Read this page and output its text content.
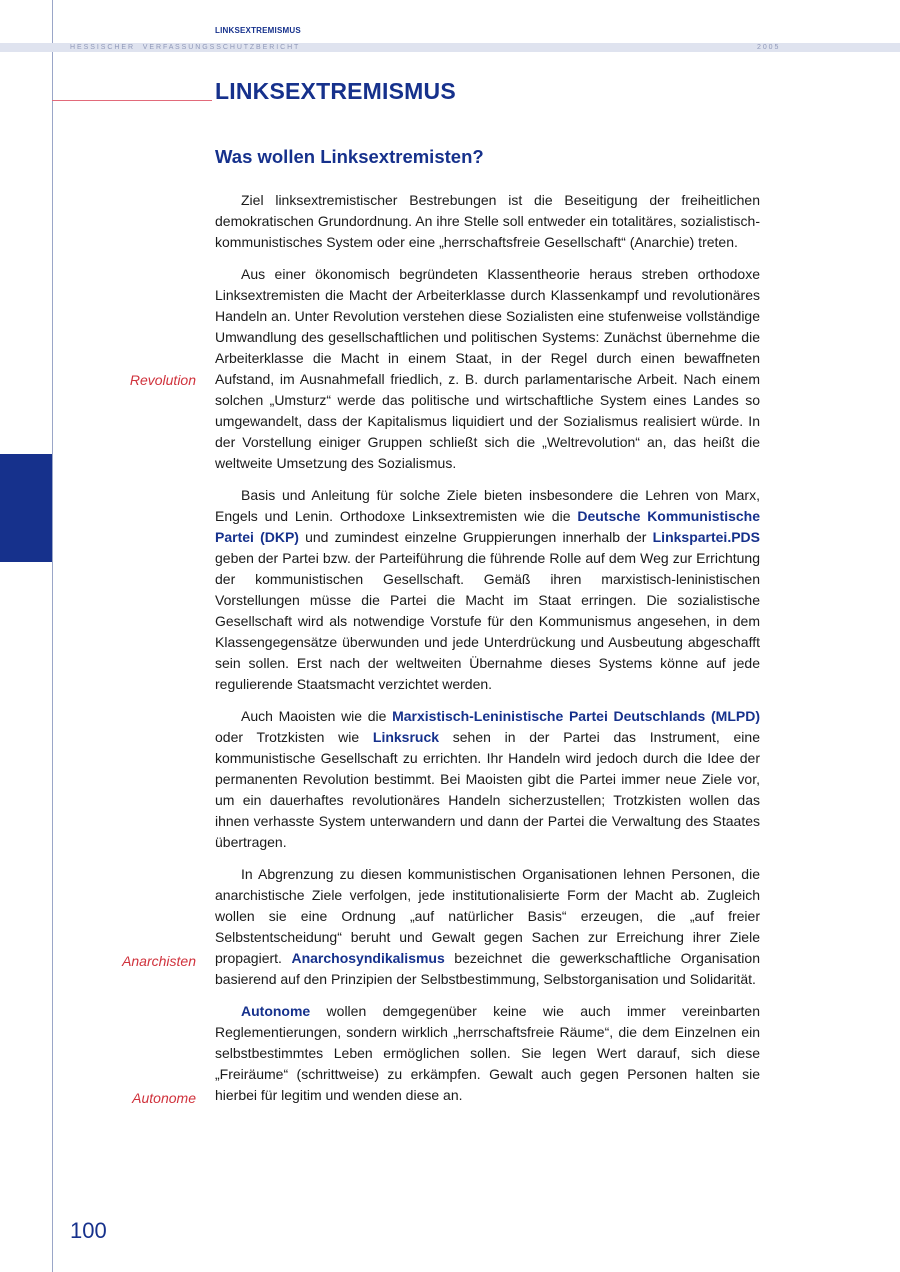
LINKSEXTREMISMUS
H E S S I S C H E R     V E R F A S S U N G S S C H U T Z B E R I C H T	2 0 0 5
LINKSEXTREMISMUS
Was wollen Linksextremisten?
Revolution
Anarchisten
Autonome

Ziel linksextremistischer Bestrebungen ist die Beseitigung der freiheitlichen demokratischen Grundordnung. An ihre Stelle soll entweder ein totalitäres, sozialistisch-kommunistisches System oder eine „herrschaftsfreie Gesellschaft“ (Anarchie) treten.

Aus einer ökonomisch begründeten Klassentheorie heraus streben orthodoxe Linksextremisten die Macht der Arbeiterklasse durch Klassenkampf und revolutionäres Handeln an. Unter Revolution verstehen diese Sozialisten eine stufenweise vollständige Umwandlung des gesellschaftlichen und politischen Systems: Zunächst übernehme die Arbeiterklasse die Macht in einem Staat, in der Regel durch einen bewaffneten Aufstand, im Ausnahmefall friedlich, z. B. durch parlamentarische Arbeit. Nach einem solchen „Umsturz“ werde das politische und wirtschaftliche System eines Landes so umgewandelt, dass der Kapitalismus liquidiert und der Sozialismus realisiert würde. In der Vorstellung einiger Gruppen schließt sich die „Weltrevolution“ an, das heißt die weltweite Umsetzung des Sozialismus.

Basis und Anleitung für solche Ziele bieten insbesondere die Lehren von Marx, Engels und Lenin. Orthodoxe Linksextremisten wie die Deutsche Kommunistische Partei (DKP) und zumindest einzelne Gruppierungen innerhalb der Linkspartei.PDS geben der Partei bzw. der Parteiführung die führende Rolle auf dem Weg zur Errichtung der kommunistischen Gesellschaft. Gemäß ihren marxistisch-leninistischen Vorstellungen müsse die Partei die Macht im Staat erringen. Die sozialistische Gesellschaft wird als notwendige Vorstufe für den Kommunismus angesehen, in dem Klassengegensätze überwunden und jede Unterdrückung und Ausbeutung abgeschafft sein sollen. Erst nach der weltweiten Übernahme dieses Systems könne auf jede regulierende Staatsmacht verzichtet werden.

Auch Maoisten wie die Marxistisch-Leninistische Partei Deutschlands (MLPD) oder Trotzkisten wie Linksruck sehen in der Partei das Instrument, eine kommunistische Gesellschaft zu errichten. Ihr Handeln wird jedoch durch die Idee der permanenten Revolution bestimmt. Bei Maoisten gibt die Partei immer neue Ziele vor, um ein dauerhaftes revolutionäres Handeln sicherzustellen; Trotzkisten wollen das ihnen verhasste System unterwandern und dann der Partei die Verwaltung des Staates übertragen.

In Abgrenzung zu diesen kommunistischen Organisationen lehnen Personen, die anarchistische Ziele verfolgen, jede institutionalisierte Form der Macht ab. Zugleich wollen sie eine Ordnung „auf natürlicher Basis“ erzeugen, die „auf freier Selbstentscheidung“ beruht und Gewalt gegen Sachen zur Erreichung ihrer Ziele propagiert. Anarchosyndikalismus bezeichnet die gewerkschaftliche Organisation basierend auf den Prinzipien der Selbstbestimmung, Selbstorganisation und Solidarität.

Autonome wollen demgegenüber keine wie auch immer vereinbarten Reglementierungen, sondern wirklich „herrschaftsfreie Räume“, die dem Einzelnen ein selbstbestimmtes Leben ermöglichen sollen. Sie legen Wert darauf, sich diese „Freiräume“ (schrittweise) zu erkämpfen. Gewalt auch gegen Personen halten sie hierbei für legitim und wenden diese an.

100
